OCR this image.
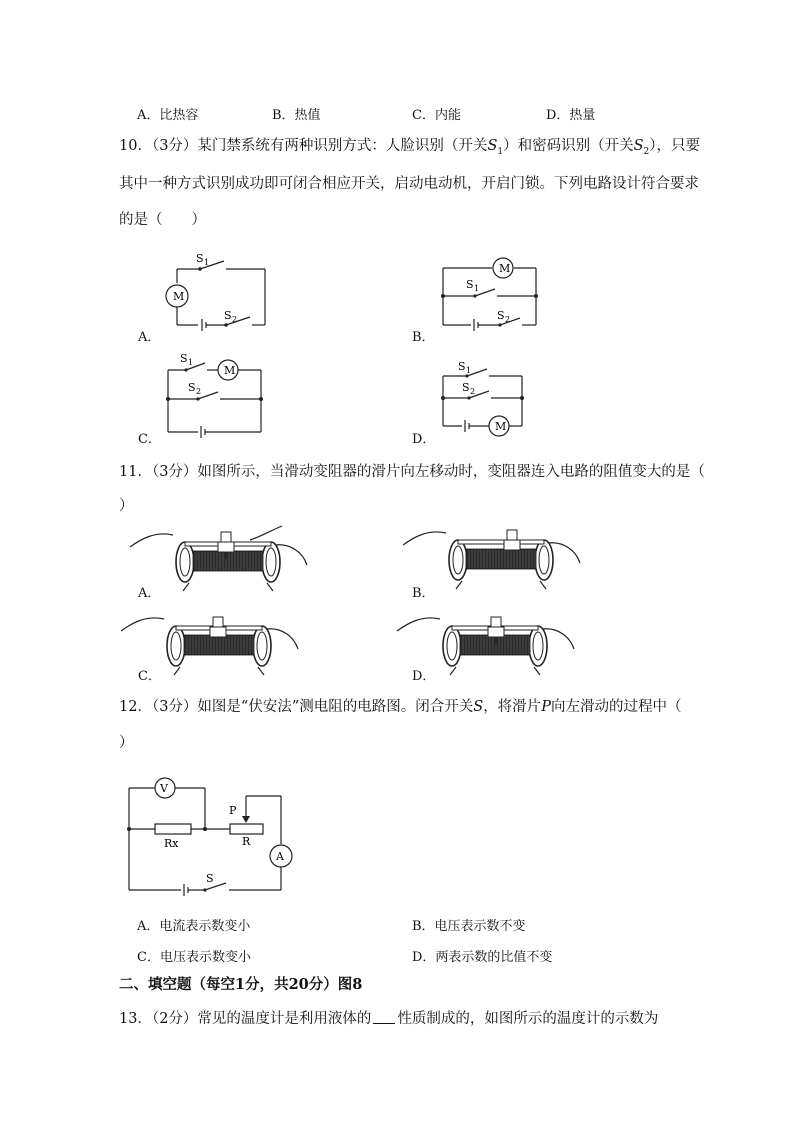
A．比热容	B．热值	C．内能	D．热量
10．（3分）某门禁系统有两种识别方式：人脸识别（开关$S_1$）和密码识别（开关$S_2$），只要
其中一种方式识别成功即可闭合相应开关，启动电动机，开启门锁。下列电路设计符合要求
的是（　　）
A．
M
S 1
S 2
B．
M
S 1
S 2
C．
M
S 1
S 2
D．
M
S 1
S 2
11．（3分）如图所示，当滑动变阻器的滑片向左移动时，变阻器连入电路的阻值变大的是（
）
A．	B．
C．	D．
12．（3分）如图是“伏安法”测电阻的电路图。闭合开关S，将滑片P向左滑动的过程中（
）
V
A
P
Rx	R
S
A．电流表示数变小	B．电压表示数不变
C．电压表示数变小	D．两表示数的比值不变
二、填空题（每空1分，共20分）图8
13．（2分）常见的温度计是利用液体的 性质制成的，如图所示的温度计的示数为
